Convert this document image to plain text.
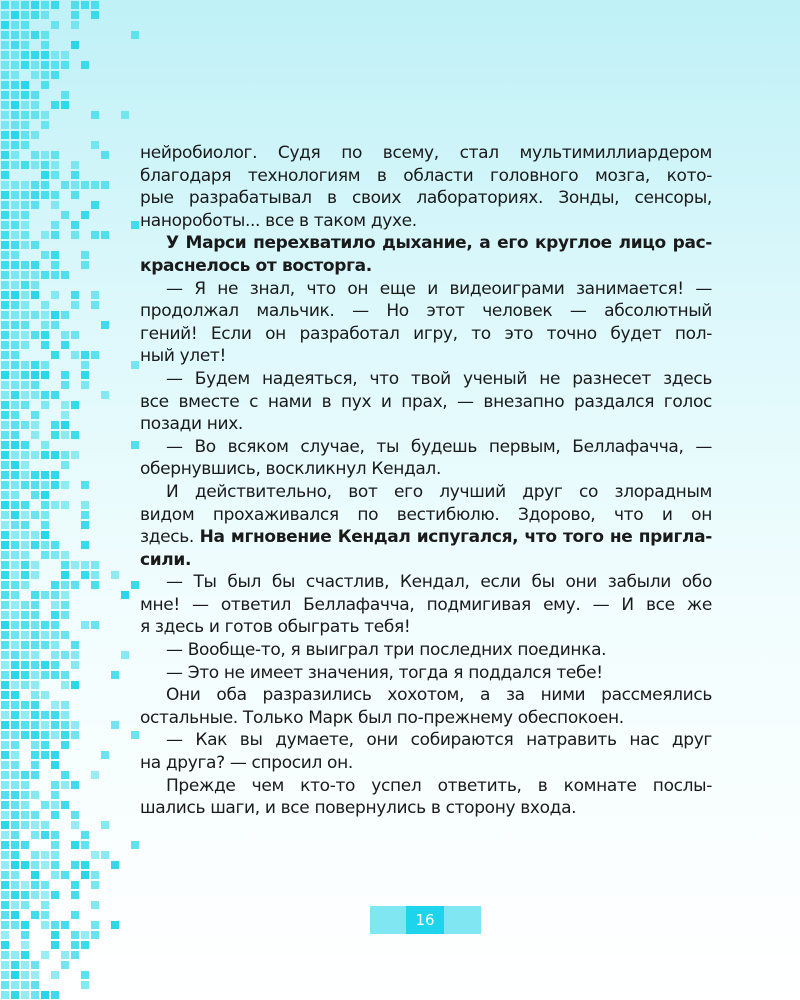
нейробиолог. Судя по всему, стал мультимиллиардером
благодаря технологиям в области головного мозга, кото-
рые разрабатывал в своих лабораториях. Зонды, сенсоры,
нанороботы... все в таком духе.
У Марси перехватило дыхание, а его круглое лицо рас-
краснелось от восторга.
— Я не знал, что он еще и видеоиграми занимается! —
продолжал мальчик. — Но этот человек — абсолютный
гений! Если он разработал игру, то это точно будет пол-
ный улет!
— Будем надеяться, что твой ученый не разнесет здесь
все вместе с нами в пух и прах, — внезапно раздался голос
позади них.
— Во всяком случае, ты будешь первым, Беллафачча, —
обернувшись, воскликнул Кендал.
И действительно, вот его лучший друг со злорадным
видом прохаживался по вестибюлю. Здорово, что и он
здесь. На мгновение Кендал испугался, что того не пригла-
сили.
— Ты был бы счастлив, Кендал, если бы они забыли обо
мне! — ответил Беллафачча, подмигивая ему. — И все же
я здесь и готов обыграть тебя!
— Вообще-то, я выиграл три последних поединка.
— Это не имеет значения, тогда я поддался тебе!
Они оба разразились хохотом, а за ними рассмеялись
остальные. Только Марк был по-прежнему обеспокоен.
— Как вы думаете, они собираются натравить нас друг
на друга? — спросил он.
Прежде чем кто-то успел ответить, в комнате послы-
шались шаги, и все повернулись в сторону входа.
16
